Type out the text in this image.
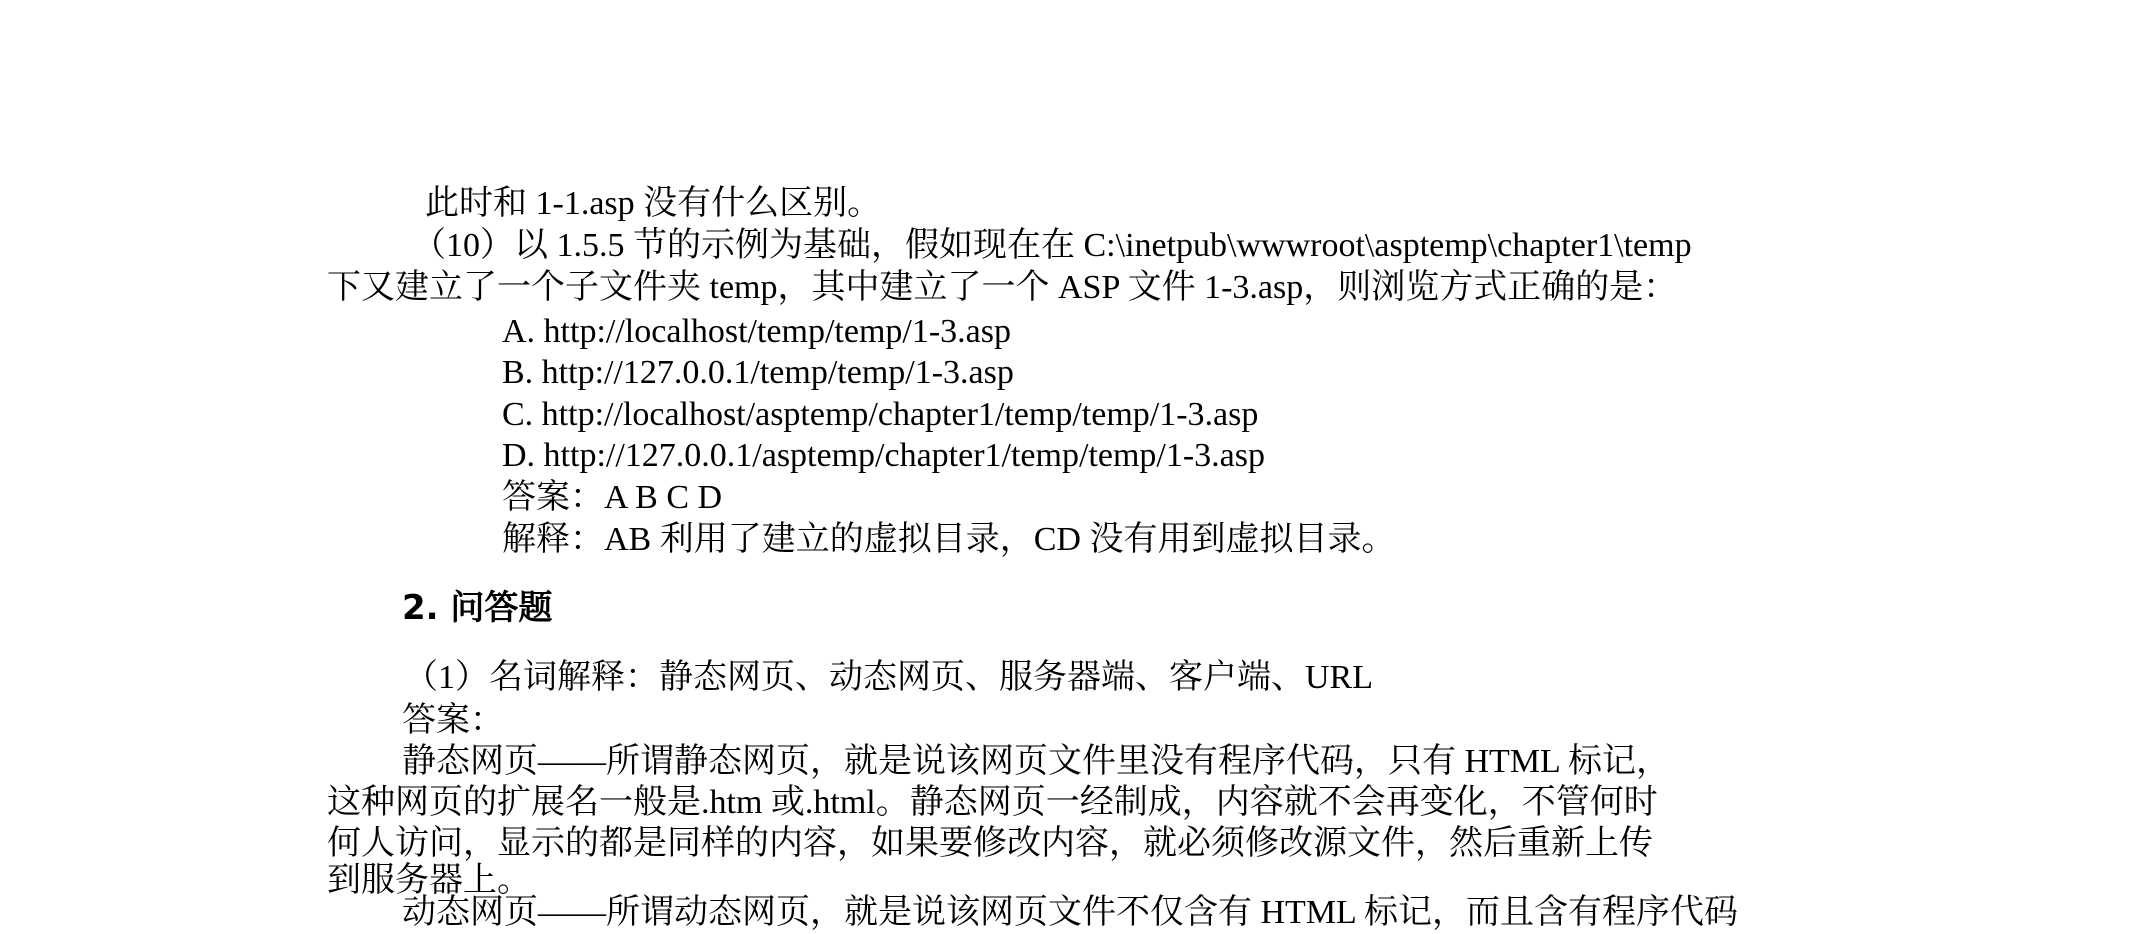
此时和 1-1.asp 没有什么区别。
（10）以 1.5.5 节的示例为基础，假如现在在 C:\inetpub\wwwroot\asptemp\chapter1\temp
下又建立了一个子文件夹 temp，其中建立了一个 ASP 文件 1-3.asp，则浏览方式正确的是：
A. http://localhost/temp/temp/1-3.asp
B. http://127.0.0.1/temp/temp/1-3.asp
C. http://localhost/asptemp/chapter1/temp/temp/1-3.asp
D. http://127.0.0.1/asptemp/chapter1/temp/temp/1-3.asp
答案：A B C D
解释：AB 利用了建立的虚拟目录，CD 没有用到虚拟目录。
2. 问答题
（1）名词解释：静态网页、动态网页、服务器端、客户端、URL
答案：
静态网页——所谓静态网页，就是说该网页文件里没有程序代码，只有 HTML 标记，
这种网页的扩展名一般是.htm 或.html。静态网页一经制成，内容就不会再变化，不管何时
何人访问，显示的都是同样的内容，如果要修改内容，就必须修改源文件，然后重新上传
到服务器上。
动态网页——所谓动态网页，就是说该网页文件不仅含有 HTML 标记，而且含有程序代码
